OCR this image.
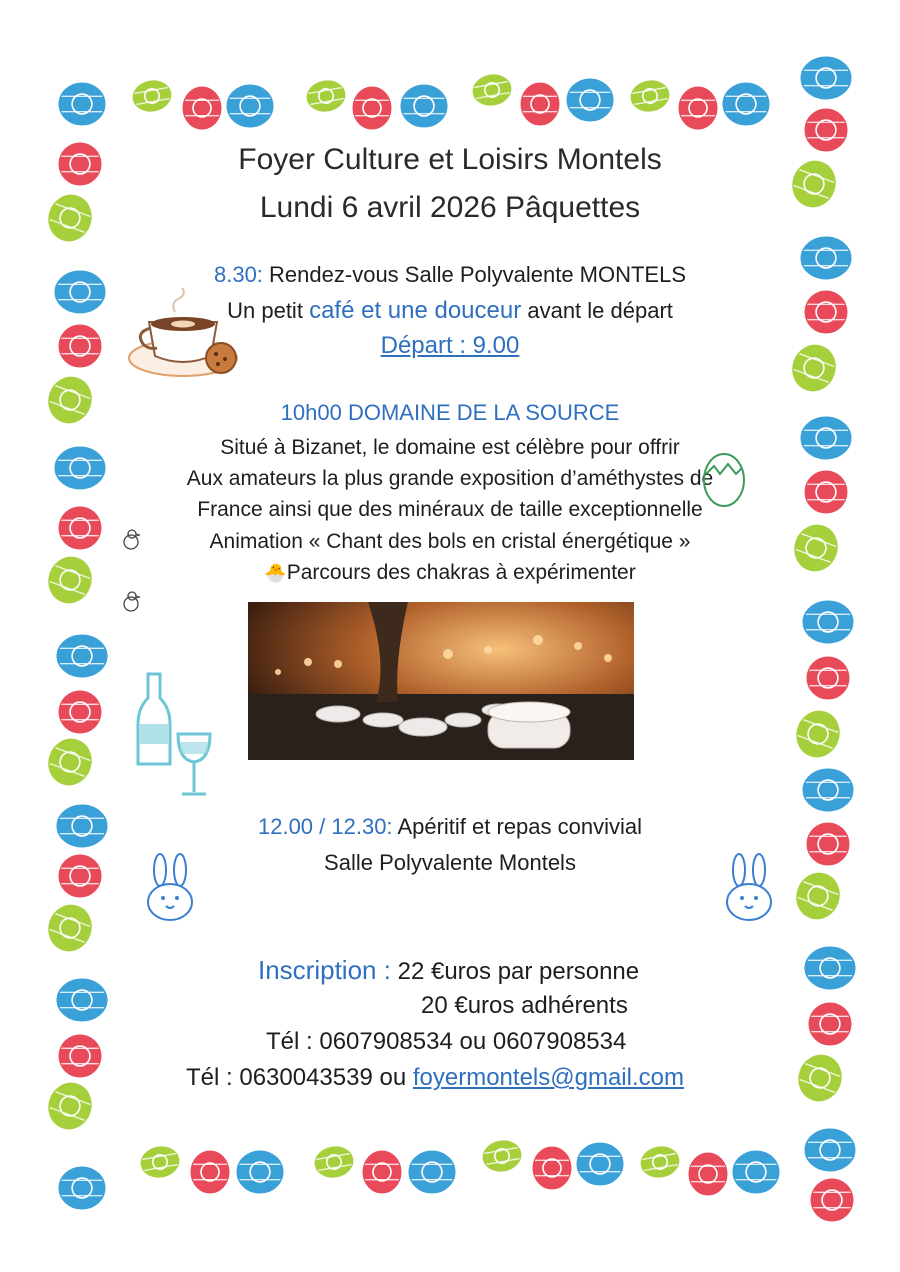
Foyer Culture et Loisirs Montels
Lundi 6 avril 2026 Pâquettes
8.30: Rendez-vous Salle Polyvalente MONTELS
Un petit café et une douceur avant le départ
Départ : 9.00
10h00 DOMAINE DE LA SOURCE
Situé à Bizanet, le domaine est célèbre pour offrir
Aux amateurs la plus grande exposition d’améthystes de
France ainsi que des minéraux de taille exceptionnelle
Animation « Chant des bols en cristal énergétique »
🐣Parcours des chakras à expérimenter
12.00 / 12.30: Apéritif et repas convivial
Salle Polyvalente Montels
Inscription : 22 €uros par personne
20 €uros adhérents
Tél : 0607908534 ou 0607908534
Tél : 0630043539 ou foyermontels@gmail.com
